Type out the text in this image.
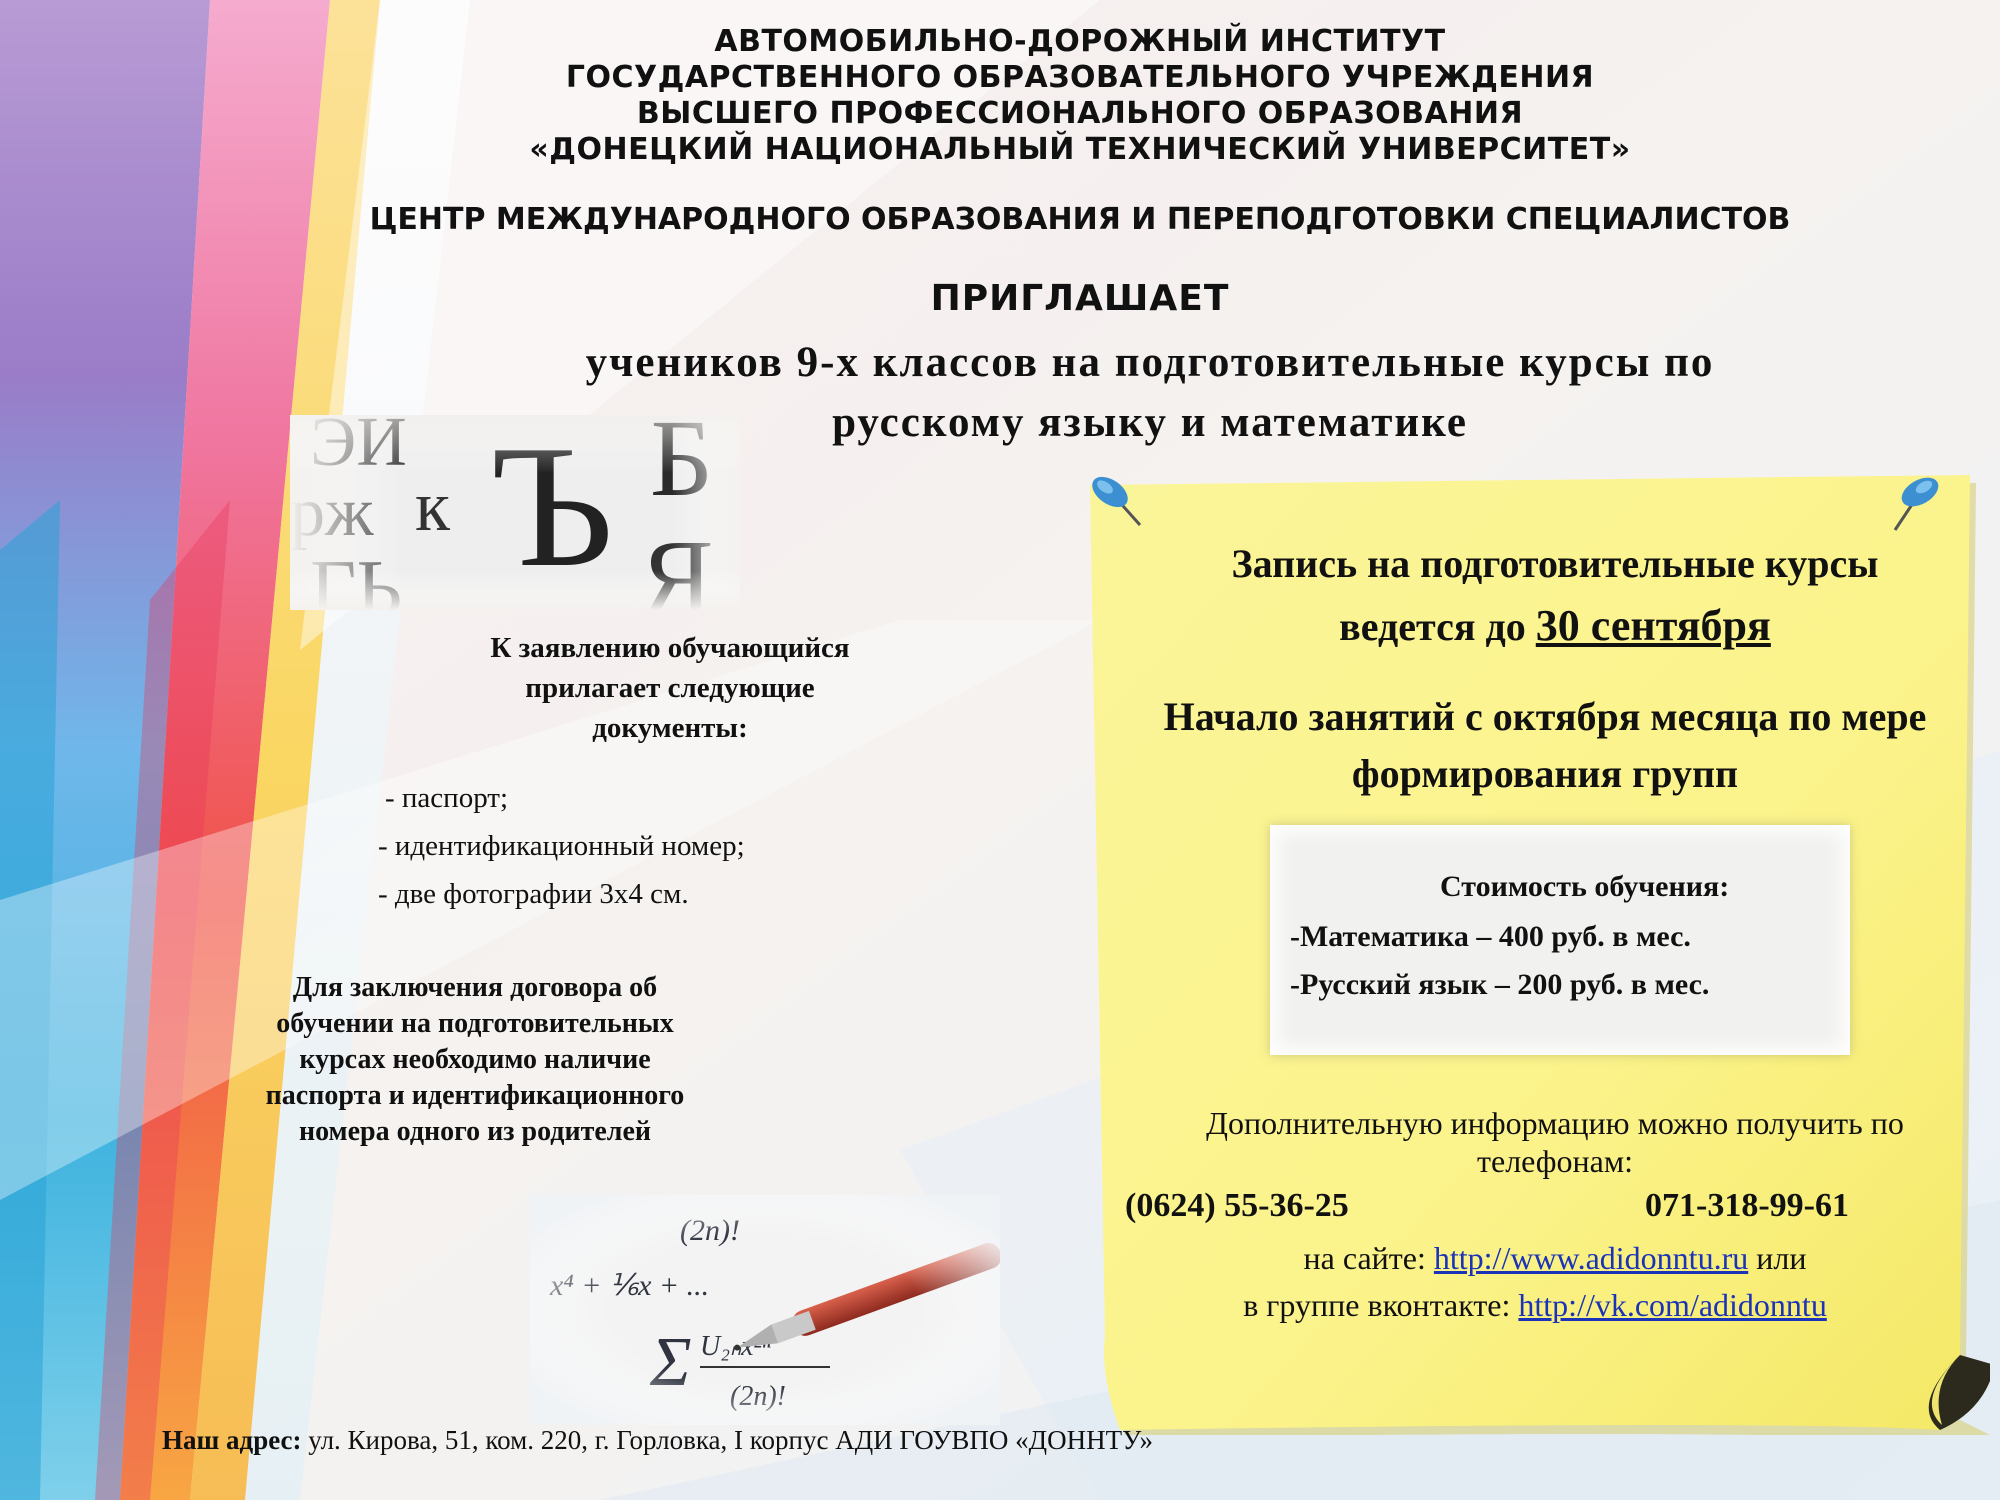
АВТОМОБИЛЬНО-ДОРОЖНЫЙ ИНСТИТУТ
ГОСУДАРСТВЕННОГО ОБРАЗОВАТЕЛЬНОГО УЧРЕЖДЕНИЯ
ВЫСШЕГО ПРОФЕССИОНАЛЬНОГО ОБРАЗОВАНИЯ
«ДОНЕЦКИЙ НАЦИОНАЛЬНЫЙ ТЕХНИЧЕСКИЙ УНИВЕРСИТЕТ»
ЦЕНТР МЕЖДУНАРОДНОГО ОБРАЗОВАНИЯ И ПЕРЕПОДГОТОВКИ СПЕЦИАЛИСТОВ
ПРИГЛАШАЕТ
учеников 9-х классов на подготовительные курсы по
русскому языку и математике
К заявлению обучающийся
прилагает следующие
документы:
- паспорт;
- идентификационный номер;
- две фотографии 3х4 см.
Для заключения договора об
обучении на подготовительных
курсах необходимо наличие
паспорта и идентификационного
номера одного из родителей
Запись на подготовительные курсы
ведется до 30 сентября
Начало занятий с октября месяца по мере
формирования групп
Стоимость обучения:
-Математика – 400 руб. в мес.
-Русский язык – 200 руб. в мес.
Дополнительную информацию можно получить по
телефонам:
(0624) 55-36-25	071-318-99-61
на сайте: http://www.adidonntu.ru или
в группе вконтакте: http://vk.com/adidonntu
Наш адрес: ул. Кирова, 51, ком. 220, г. Горловка, I корпус АДИ ГОУВПО «ДОННТУ»
